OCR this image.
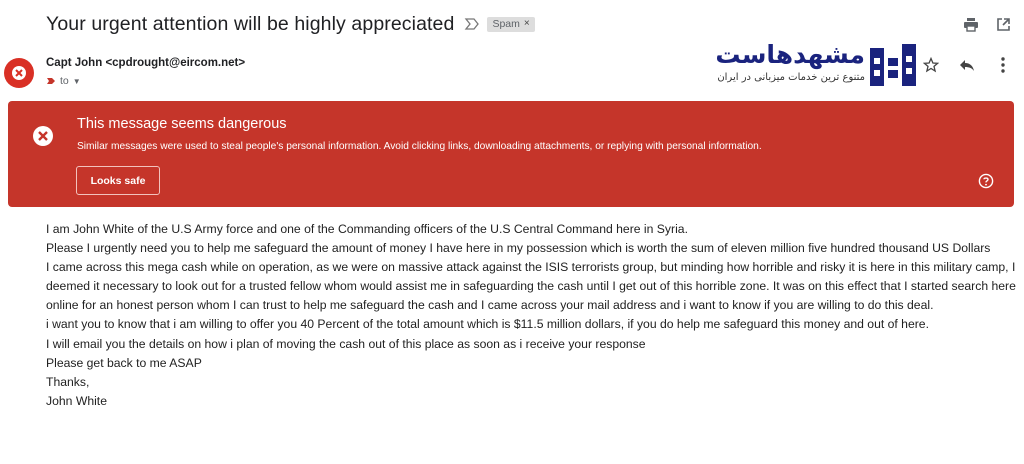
Your urgent attention will be highly appreciated	Spam ×
Capt John <cpdrought@eircom.net>
to ▼
مشهدهاست
متنوع ترین خدمات میزبانی در ایران
This message seems dangerous
Similar messages were used to steal people's personal information. Avoid clicking links, downloading attachments, or replying with personal information.
Looks safe

I am John White of the U.S Army force and one of the Commanding officers of the U.S Central Command here in Syria.

Please I urgently need you to help me safeguard the amount of money I have here in my possession which is worth the sum of eleven million five hundred thousand US Dollars

I came across this mega cash while on operation, as we were on massive attack against the ISIS terrorists group, but minding how horrible and risky it is here in this military camp, I deemed it necessary to look out for a trusted fellow whom would assist me in safeguarding the cash until I get out of this horrible zone. It was on this effect that I started search here online for an honest person whom I can trust to help me safeguard the cash and I came across your mail address and i want to know if you are willing to do this deal.

i want you to know that i am willing to offer you 40 Percent of the total amount which is $11.5 million dollars, if you do help me safeguard this money and out of here.

I will email you the details on how i plan of moving the cash out of this place as soon as i receive your response

Please get back to me ASAP

Thanks,

John White
